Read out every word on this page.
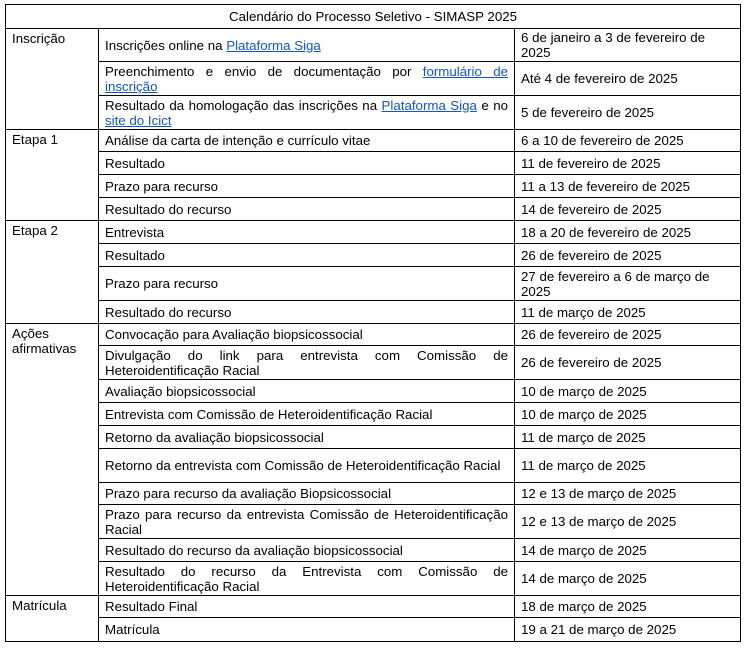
Calendário do Processo Seletivo - SIMASP 2025		
Inscrição	Inscrições online na Plataforma Siga	6 de janeiro a 3 de fevereiro de 2025
	Preenchimento e envio de documentação por formulário de inscrição	Até 4 de fevereiro de 2025
	Resultado da homologação das inscrições na Plataforma Siga e no site do Icict	5 de fevereiro de 2025
Etapa 1	Análise da carta de intenção e currículo vitae	6 a 10 de fevereiro de 2025
	Resultado	11 de fevereiro de 2025
	Prazo para recurso	11 a 13 de fevereiro de 2025
	Resultado do recurso	14 de fevereiro de 2025
Etapa 2	Entrevista	18 a 20 de fevereiro de 2025
	Resultado	26 de fevereiro de 2025
	Prazo para recurso	27 de fevereiro a 6 de março de 2025
	Resultado do recurso	11 de março de 2025
Ações afirmativas	Convocação para Avaliação biopsicossocial	26 de fevereiro de 2025
	Divulgação do link para entrevista com Comissão de Heteroidentificação Racial	26 de fevereiro de 2025
	Avaliação biopsicossocial	10 de março de 2025
	Entrevista com Comissão de Heteroidentificação Racial	10 de março de 2025
	Retorno da avaliação biopsicossocial	11 de março de 2025
	Retorno da entrevista com Comissão de Heteroidentificação Racial	11 de março de 2025
	Prazo para recurso da avaliação Biopsicossocial	12 e 13 de março de 2025
	Prazo para recurso da entrevista Comissão de Heteroidentificação Racial	12 e 13 de março de 2025
	Resultado do recurso da avaliação biopsicossocial	14 de março de 2025
	Resultado do recurso da Entrevista com Comissão de Heteroidentificação Racial	14 de março de 2025
Matrícula	Resultado Final	18 de março de 2025
	Matrícula	19 a 21 de março de 2025
